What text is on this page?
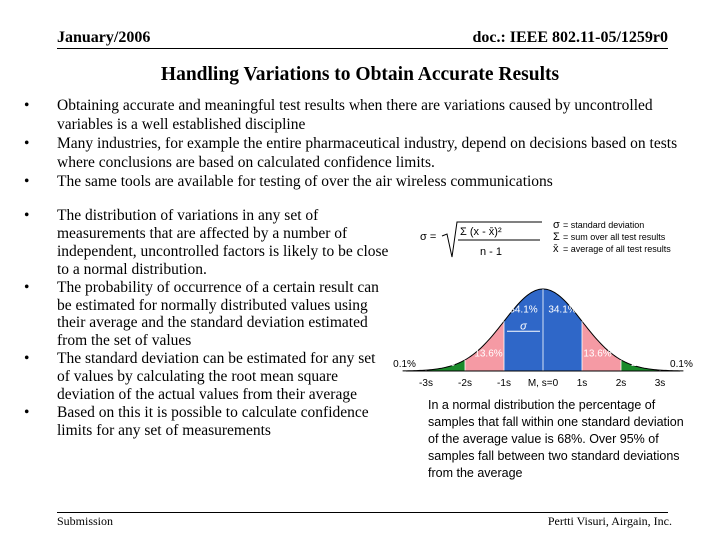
January/2006	doc.: IEEE 802.11-05/1259r0
Handling Variations to Obtain Accurate Results
• Obtaining accurate and meaningful test results when there are variations caused by uncontrolled variables is a well established discipline
• Many industries, for example the entire pharmaceutical industry, depend on decisions based on tests where conclusions are based on calculated confidence limits.
• The same tools are available for testing of over the air wireless communications
• The distribution of variations in any set of measurements that are affected by a number of independent, uncontrolled factors is likely to be close to a normal distribution.
• The probability of occurrence of a certain result can be estimated for normally distributed values using their average and the standard deviation estimated from the set of values
• The standard deviation can be estimated for any set of values by calculating the root mean square deviation of the actual values from their average
• Based on this it is possible to calculate confidence limits for any set of measurements
σ = Σ (x - x̄)²
n - 1
σ = standard deviation
Σ = sum over all test results
x̄ = average of all test results
-3s	-2s	-1s M, s=0 1s	2s	3s
0.1% 2.1%
13.6%
34.1% 34.1%
13.6%
2.1% 0.1%
σ
In a normal distribution the percentage of samples that fall within one standard deviation of the average value is 68%. Over 95% of samples fall between two standard deviations from the average
Submission	Pertti Visuri, Airgain, Inc.
